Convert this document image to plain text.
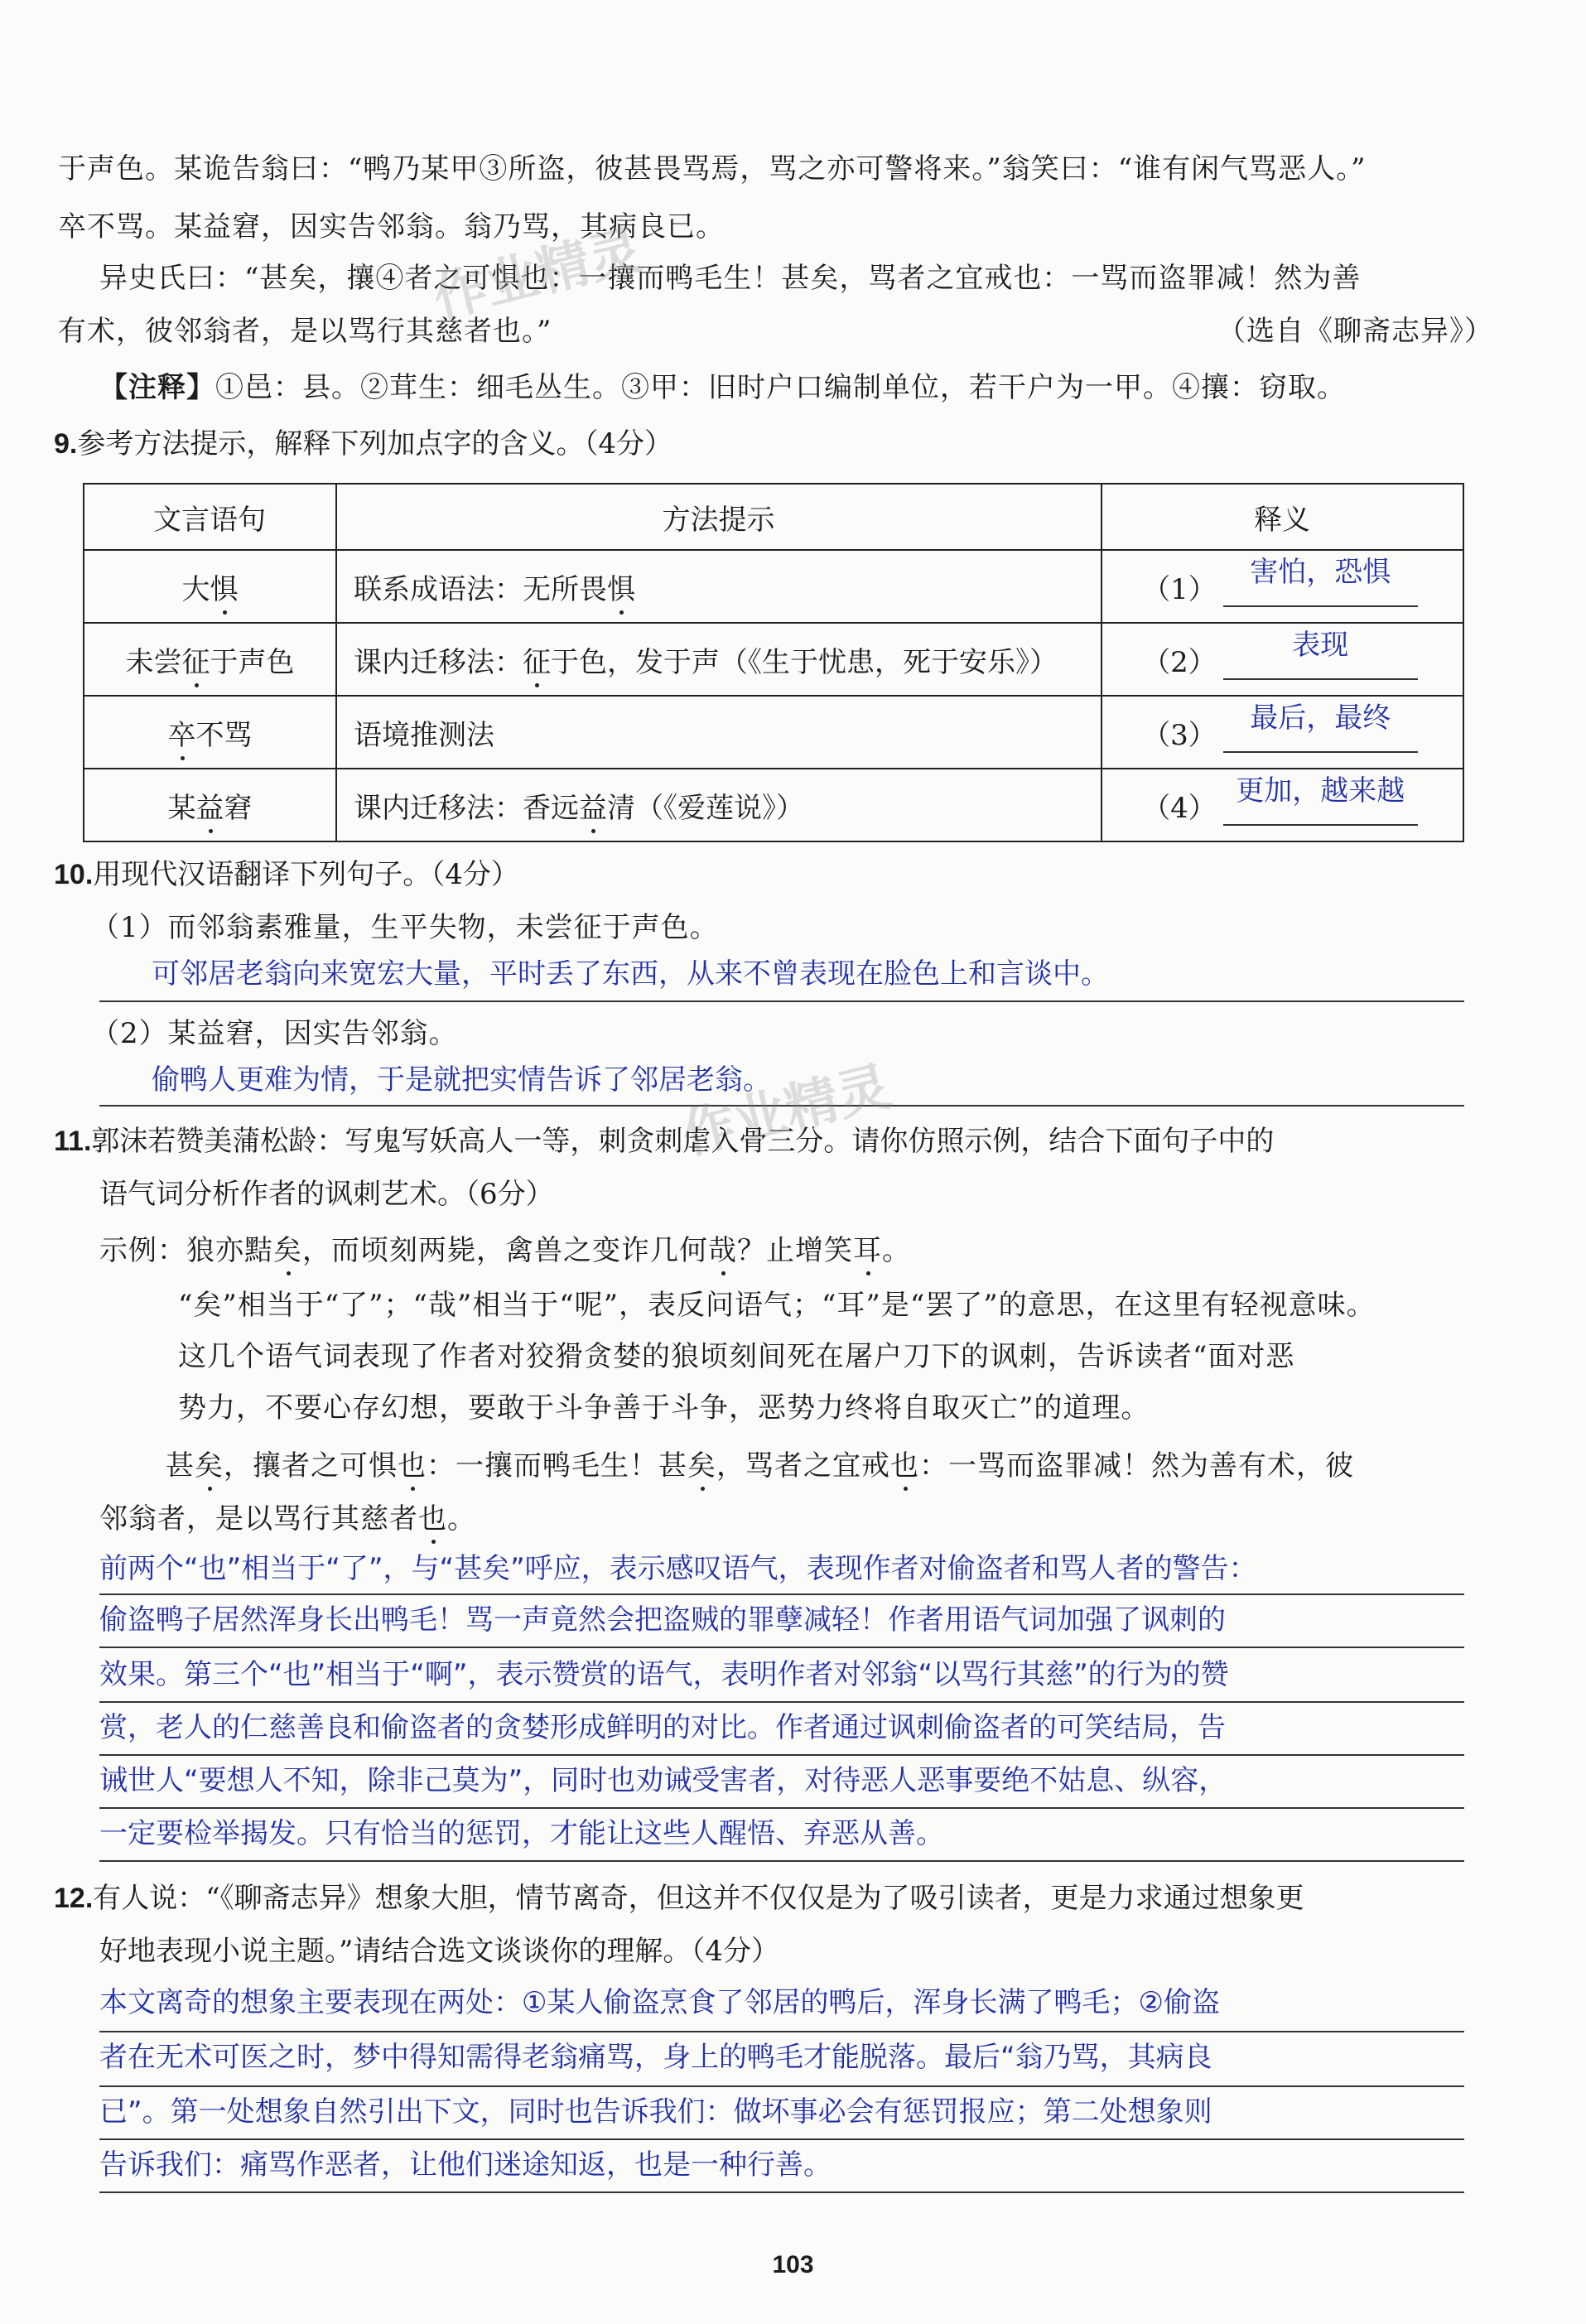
于声色。某诡告翁曰：“鸭乃某甲③所盗，彼甚畏骂焉，骂之亦可警将来。”翁笑曰：“谁有闲气骂恶人。”
卒不骂。某益窘，因实告邻翁。翁乃骂，其病良已。
异史氏曰：“甚矣，攘④者之可惧也：一攘而鸭毛生！甚矣，骂者之宜戒也：一骂而盗罪减！然为善
有术，彼邻翁者，是以骂行其慈者也。”	（选自《聊斋志异》）
【注释】①邑：县。②茸生：细毛丛生。③甲：旧时户口编制单位，若干户为一甲。④攘：窃取。
作业精灵
9.参考方法提示，解释下列加点字的含义。（4分）
文言语句	方法提示	释义
大惧	联系成语法：无所畏惧	（1）害怕，恐惧
未尝征于声色	课内迁移法：征于色，发于声（《生于忧患，死于安乐》）	（2）表现
卒不骂	语境推测法	（3）最后，最终
某益窘	课内迁移法：香远益清（《爱莲说》）	（4）更加，越来越
10.用现代汉语翻译下列句子。（4分）
（1）而邻翁素雅量，生平失物，未尝征于声色。
可邻居老翁向来宽宏大量，平时丢了东西，从来不曾表现在脸色上和言谈中。
（2）某益窘，因实告邻翁。
偷鸭人更难为情，于是就把实情告诉了邻居老翁。
作业精灵
11.郭沫若赞美蒲松龄：写鬼写妖高人一等，刺贪刺虐入骨三分。请你仿照示例，结合下面句子中的
语气词分析作者的讽刺艺术。（6分）
示例：狼亦黠矣，而顷刻两毙，禽兽之变诈几何哉？止增笑耳。
“矣”相当于“了”；“哉”相当于“呢”，表反问语气；“耳”是“罢了”的意思，在这里有轻视意味。
这几个语气词表现了作者对狡猾贪婪的狼顷刻间死在屠户刀下的讽刺，告诉读者“面对恶
势力，不要心存幻想，要敢于斗争善于斗争，恶势力终将自取灭亡”的道理。
甚矣，攘者之可惧也：一攘而鸭毛生！甚矣，骂者之宜戒也：一骂而盗罪减！然为善有术，彼
邻翁者，是以骂行其慈者也。
前两个“也”相当于“了”，与“甚矣”呼应，表示感叹语气，表现作者对偷盗者和骂人者的警告：
偷盗鸭子居然浑身长出鸭毛！骂一声竟然会把盗贼的罪孽减轻！作者用语气词加强了讽刺的
效果。第三个“也”相当于“啊”，表示赞赏的语气，表明作者对邻翁“以骂行其慈”的行为的赞
赏，老人的仁慈善良和偷盗者的贪婪形成鲜明的对比。作者通过讽刺偷盗者的可笑结局，告
诫世人“要想人不知，除非己莫为”，同时也劝诫受害者，对待恶人恶事要绝不姑息、纵容，
一定要检举揭发。只有恰当的惩罚，才能让这些人醒悟、弃恶从善。
12.有人说：“《聊斋志异》想象大胆，情节离奇，但这并不仅仅是为了吸引读者，更是力求通过想象更
好地表现小说主题。”请结合选文谈谈你的理解。（4分）
本文离奇的想象主要表现在两处：①某人偷盗烹食了邻居的鸭后，浑身长满了鸭毛；②偷盗
者在无术可医之时，梦中得知需得老翁痛骂，身上的鸭毛才能脱落。最后“翁乃骂，其病良
已”。第一处想象自然引出下文，同时也告诉我们：做坏事必会有惩罚报应；第二处想象则
告诉我们：痛骂作恶者，让他们迷途知返，也是一种行善。
103
